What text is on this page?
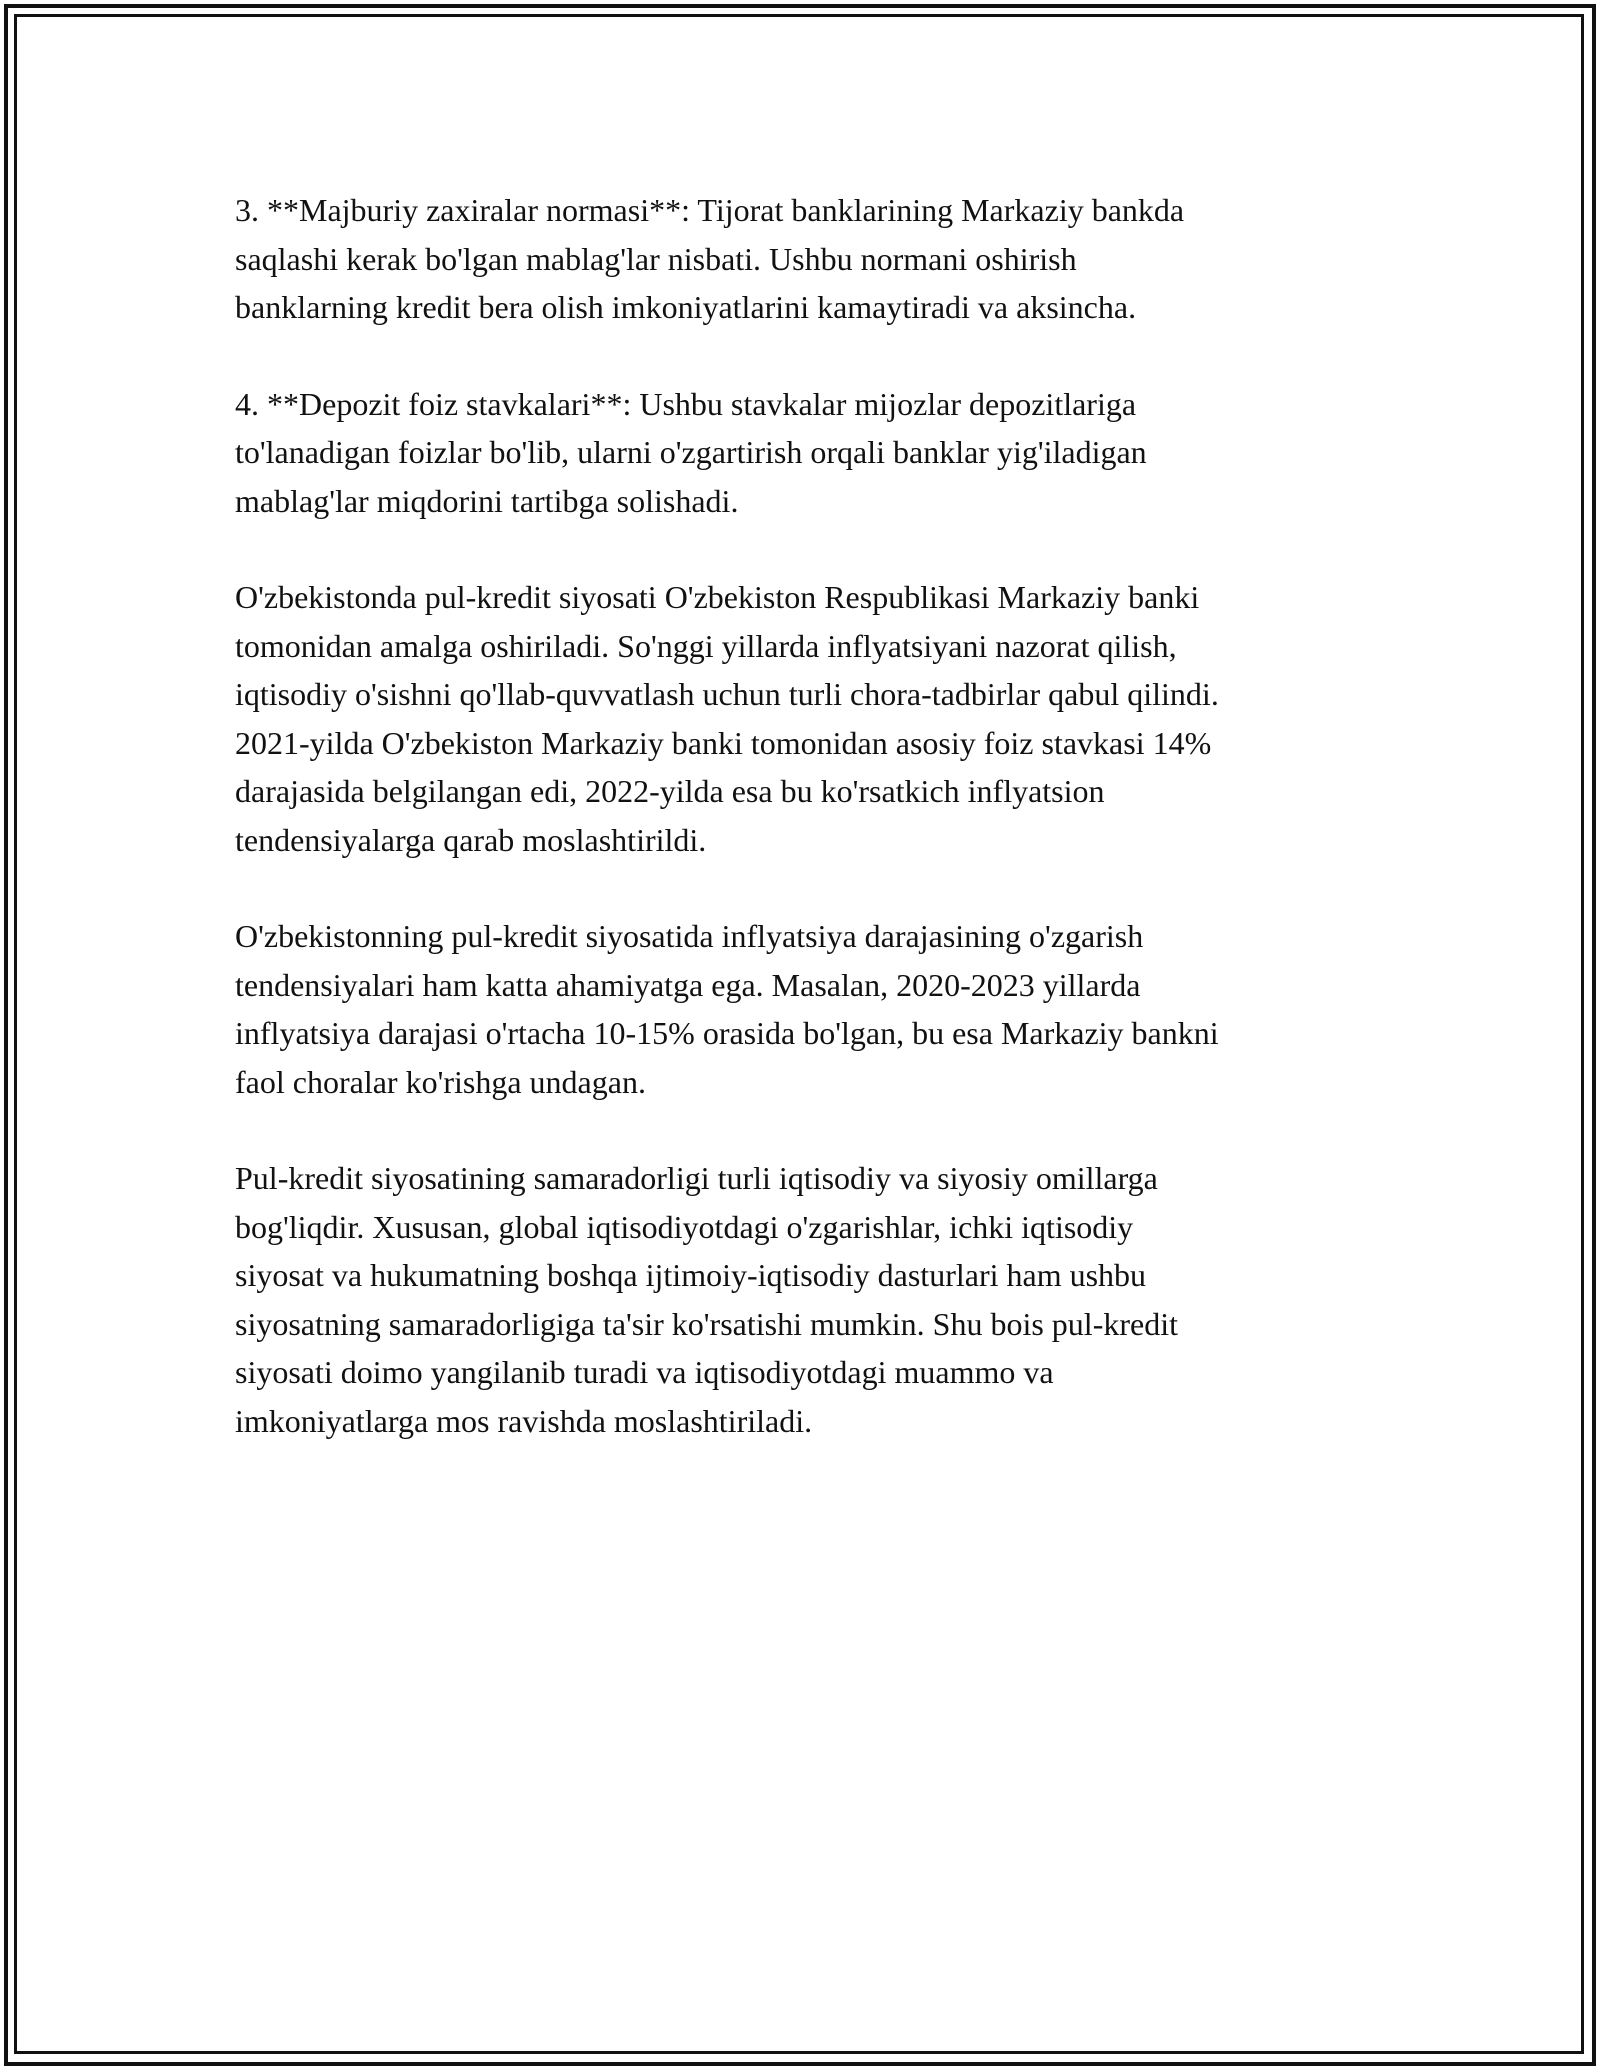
3. **Majburiy zaxiralar normasi**: Tijorat banklarining Markaziy bankda
saqlashi kerak bo'lgan mablag'lar nisbati. Ushbu normani oshirish
banklarning kredit bera olish imkoniyatlarini kamaytiradi va aksincha.

4. **Depozit foiz stavkalari**: Ushbu stavkalar mijozlar depozitlariga
to'lanadigan foizlar bo'lib, ularni o'zgartirish orqali banklar yig'iladigan
mablag'lar miqdorini tartibga solishadi.

O'zbekistonda pul-kredit siyosati O'zbekiston Respublikasi Markaziy banki
tomonidan amalga oshiriladi. So'nggi yillarda inflyatsiyani nazorat qilish,
iqtisodiy o'sishni qo'llab-quvvatlash uchun turli chora-tadbirlar qabul qilindi.
2021-yilda O'zbekiston Markaziy banki tomonidan asosiy foiz stavkasi 14%
darajasida belgilangan edi, 2022-yilda esa bu ko'rsatkich inflyatsion
tendensiyalarga qarab moslashtirildi.

O'zbekistonning pul-kredit siyosatida inflyatsiya darajasining o'zgarish
tendensiyalari ham katta ahamiyatga ega. Masalan, 2020-2023 yillarda
inflyatsiya darajasi o'rtacha 10-15% orasida bo'lgan, bu esa Markaziy bankni
faol choralar ko'rishga undagan.

Pul-kredit siyosatining samaradorligi turli iqtisodiy va siyosiy omillarga
bog'liqdir. Xususan, global iqtisodiyotdagi o'zgarishlar, ichki iqtisodiy
siyosat va hukumatning boshqa ijtimoiy-iqtisodiy dasturlari ham ushbu
siyosatning samaradorligiga ta'sir ko'rsatishi mumkin. Shu bois pul-kredit
siyosati doimo yangilanib turadi va iqtisodiyotdagi muammo va
imkoniyatlarga mos ravishda moslashtiriladi.
